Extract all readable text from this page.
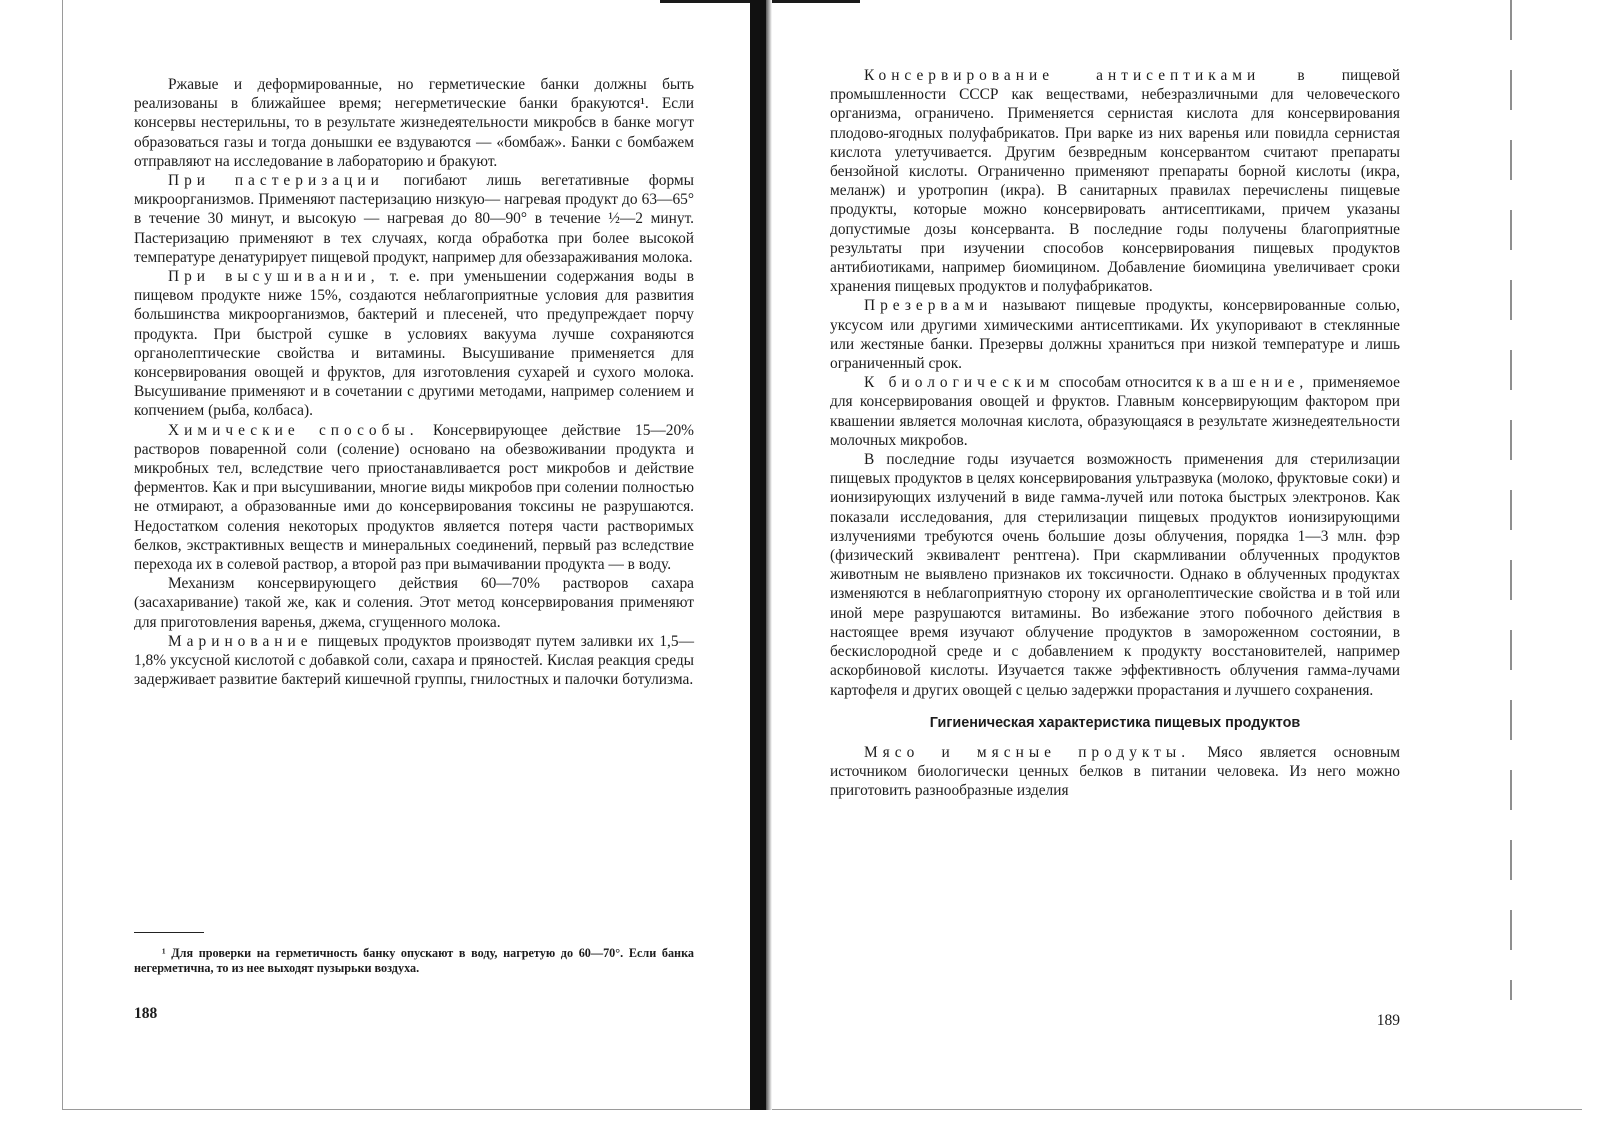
Ржавые и деформированные, но герметические банки должны быть реализованы в ближайшее время; негерметические банки бракуются¹. Если консервы нестерильны, то в результате жизнедеятельности микробсв в банке могут образоваться газы и тогда донышки ее вздуваются — «бомбаж». Банки с бомбажем отправляют на исследование в лабораторию и бракуют.

При пастеризации погибают лишь вегетативные формы микроорганизмов. Применяют пастеризацию низкую— нагревая продукт до 63—65° в течение 30 минут, и высокую — нагревая до 80—90° в течение ½—2 минут. Пастеризацию применяют в тех случаях, когда обработка при более высокой температуре денатурирует пищевой продукт, например для обеззараживания молока.

При высушивании, т. е. при уменьшении содержания воды в пищевом продукте ниже 15%, создаются неблагоприятные условия для развития большинства микроорганизмов, бактерий и плесеней, что предупреждает порчу продукта. При быстрой сушке в условиях вакуума лучше сохраняются органолептические свойства и витамины. Высушивание применяется для консервирования овощей и фруктов, для изготовления сухарей и сухого молока. Высушивание применяют и в сочетании с другими методами, например солением и копчением (рыба, колбаса).

Химические способы. Консервирующее действие 15—20% растворов поваренной соли (соление) основано на обезвоживании продукта и микробных тел, вследствие чего приостанавливается рост микробов и действие ферментов. Как и при высушивании, многие виды микробов при солении полностью не отмирают, а образованные ими до консервирования токсины не разрушаются. Недостатком соления некоторых продуктов является потеря части растворимых белков, экстрактивных веществ и минеральных соединений, первый раз вследствие перехода их в солевой раствор, а второй раз при вымачивании продукта — в воду.

Механизм консервирующего действия 60—70% растворов сахара (засахаривание) такой же, как и соления. Этот метод консервирования применяют для приготовления варенья, джема, сгущенного молока.

Маринование пищевых продуктов производят путем заливки их 1,5—1,8% уксусной кислотой с добавкой соли, сахара и пряностей. Кислая реакция среды задерживает развитие бактерий кишечной группы, гнилостных и палочки ботулизма.

¹ Для проверки на герметичность банку опускают в воду, нагретую до 60—70°. Если банка негерметична, то из нее выходят пузырьки воздуха.
188

Консервирование антисептиками в пищевой промышленности СССР как веществами, небезразличными для человеческого организма, ограничено. Применяется сернистая кислота для консервирования плодово-ягодных полуфабрикатов. При варке из них варенья или повидла сернистая кислота улетучивается. Другим безвредным консервантом считают препараты бензойной кислоты. Ограниченно применяют препараты борной кислоты (икра, меланж) и уротропин (икра). В санитарных правилах перечислены пищевые продукты, которые можно консервировать антисептиками, причем указаны допустимые дозы консерванта. В последние годы получены благоприятные результаты при изучении способов консервирования пищевых продуктов антибиотиками, например биомицином. Добавление биомицина увеличивает сроки хранения пищевых продуктов и полуфабрикатов.

Презервами называют пищевые продукты, консервированные солью, уксусом или другими химическими антисептиками. Их укупоривают в стеклянные или жестяные банки. Презервы должны храниться при низкой температуре и лишь ограниченный срок.

К биологическим способам относится квашение, применяемое для консервирования овощей и фруктов. Главным консервирующим фактором при квашении является молочная кислота, образующаяся в результате жизнедеятельности молочных микробов.

В последние годы изучается возможность применения для стерилизации пищевых продуктов в целях консервирования ультразвука (молоко, фруктовые соки) и ионизирующих излучений в виде гамма-лучей или потока быстрых электронов. Как показали исследования, для стерилизации пищевых продуктов ионизирующими излучениями требуются очень большие дозы облучения, порядка 1—3 млн. фэр (физический эквивалент рентгена). При скармливании облученных продуктов животным не выявлено признаков их токсичности. Однако в облученных продуктах изменяются в неблагоприятную сторону их органолептические свойства и в той или иной мере разрушаются витамины. Во избежание этого побочного действия в настоящее время изучают облучение продуктов в замороженном состоянии, в бескислородной среде и с добавлением к продукту восстановителей, например аскорбиновой кислоты. Изучается также эффективность облучения гамма-лучами картофеля и других овощей с целью задержки прорастания и лучшего сохранения.

Гигиеническая характеристика пищевых продуктов

Мясо и мясные продукты. Мясо является основным источником биологически ценных белков в питании человека. Из него можно приготовить разнообразные изделия

189
